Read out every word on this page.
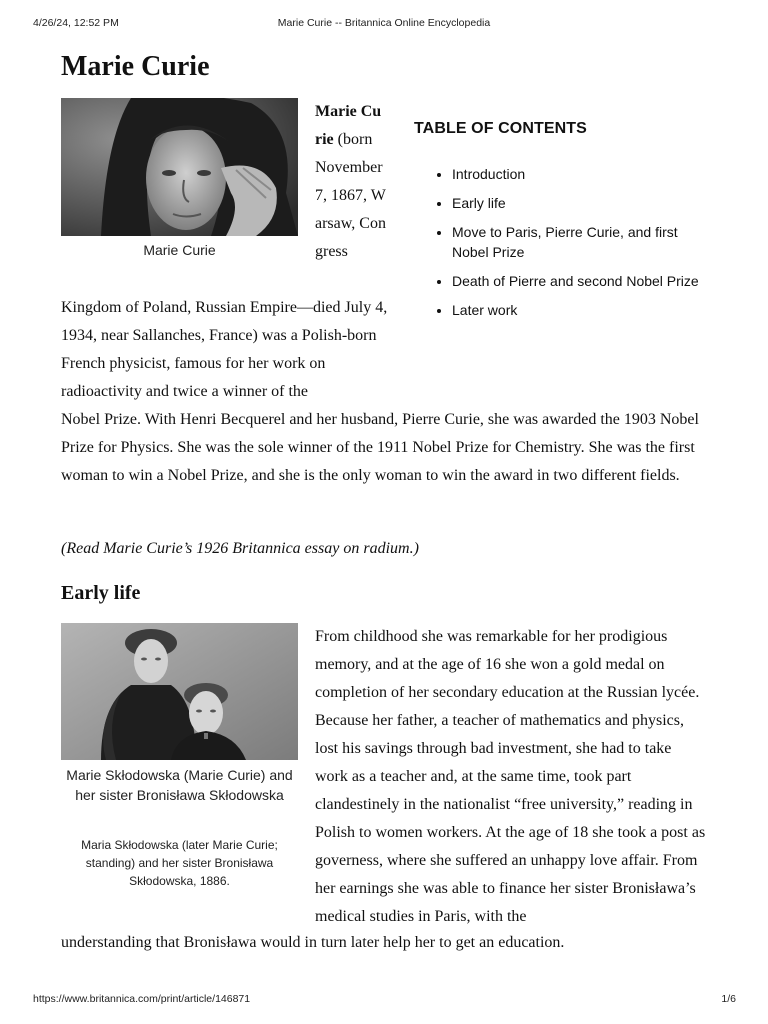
4/26/24, 12:52 PM	Marie Curie -- Britannica Online Encyclopedia
Marie Curie
Marie Curie

Marie Curie (born November 7, 1867, Warsaw, Congress

Kingdom of Poland, Russian Empire—died July 4, 1934, near Sallanches, France) was a Polish-born French physicist, famous for her work on radioactivity and twice a winner of the

Nobel Prize. With Henri Becquerel and her husband, Pierre Curie, she was awarded the 1903 Nobel Prize for Physics. She was the sole winner of the 1911 Nobel Prize for Chemistry. She was the first woman to win a Nobel Prize, and she is the only woman to win the award in two different fields.

TABLE OF CONTENTS
• Introduction
• Early life
• Move to Paris, Pierre Curie, and first Nobel Prize
• Death of Pierre and second Nobel Prize
• Later work

(Read Marie Curie’s 1926 Britannica essay on radium.)

Early life
Marie Skłodowska (Marie Curie) and her sister Bronisława Skłodowska
Maria Skłodowska (later Marie Curie; standing) and her sister Bronisława Skłodowska, 1886.

From childhood she was remarkable for her prodigious memory, and at the age of 16 she won a gold medal on completion of her secondary education at the Russian lycée. Because her father, a teacher of mathematics and physics, lost his savings through bad investment, she had to take work as a teacher and, at the same time, took part clandestinely in the nationalist “free university,” reading in Polish to women workers. At the age of 18 she took a post as governess, where she suffered an unhappy love affair. From her earnings she was able to finance her sister Bronisława’s medical studies in Paris, with the

understanding that Bronisława would in turn later help her to get an education.

https://www.britannica.com/print/article/146871	1/6
